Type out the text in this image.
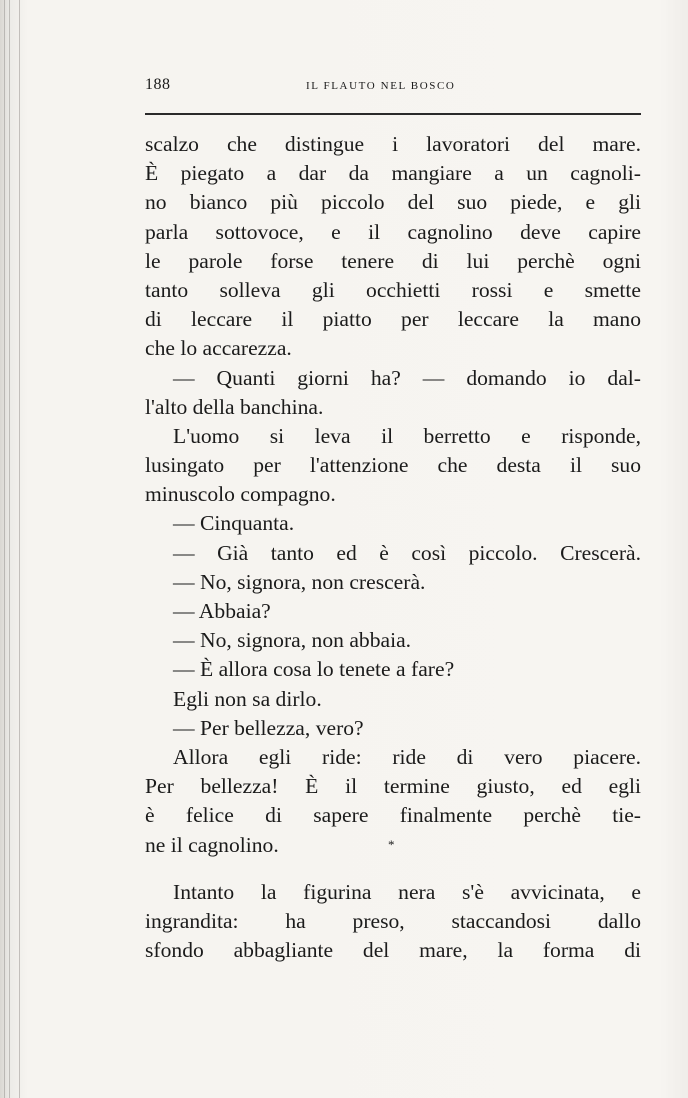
188	IL FLAUTO NEL BOSCO
scalzo che distingue i lavoratori del mare.
È piegato a dar da mangiare a un cagnoli-
no bianco più piccolo del suo piede, e gli
parla sottovoce, e il cagnolino deve capire
le parole forse tenere di lui perchè ogni
tanto solleva gli occhietti rossi e smette
di leccare il piatto per leccare la mano
che lo accarezza.
— Quanti giorni ha? — domando io dal-
l'alto della banchina.
L'uomo si leva il berretto e risponde,
lusingato per l'attenzione che desta il suo
minuscolo compagno.
— Cinquanta.
— Già tanto ed è così piccolo. Crescerà.
— No, signora, non crescerà.
— Abbaia?
— No, signora, non abbaia.
— È allora cosa lo tenete a fare?
Egli non sa dirlo.
— Per bellezza, vero?
Allora egli ride: ride di vero piacere.
Per bellezza! È il termine giusto, ed egli
è felice di sapere finalmente perchè tie-
ne il cagnolino.	*
Intanto la figurina nera s'è avvicinata, e
ingrandita: ha preso, staccandosi dallo
sfondo abbagliante del mare, la forma di
